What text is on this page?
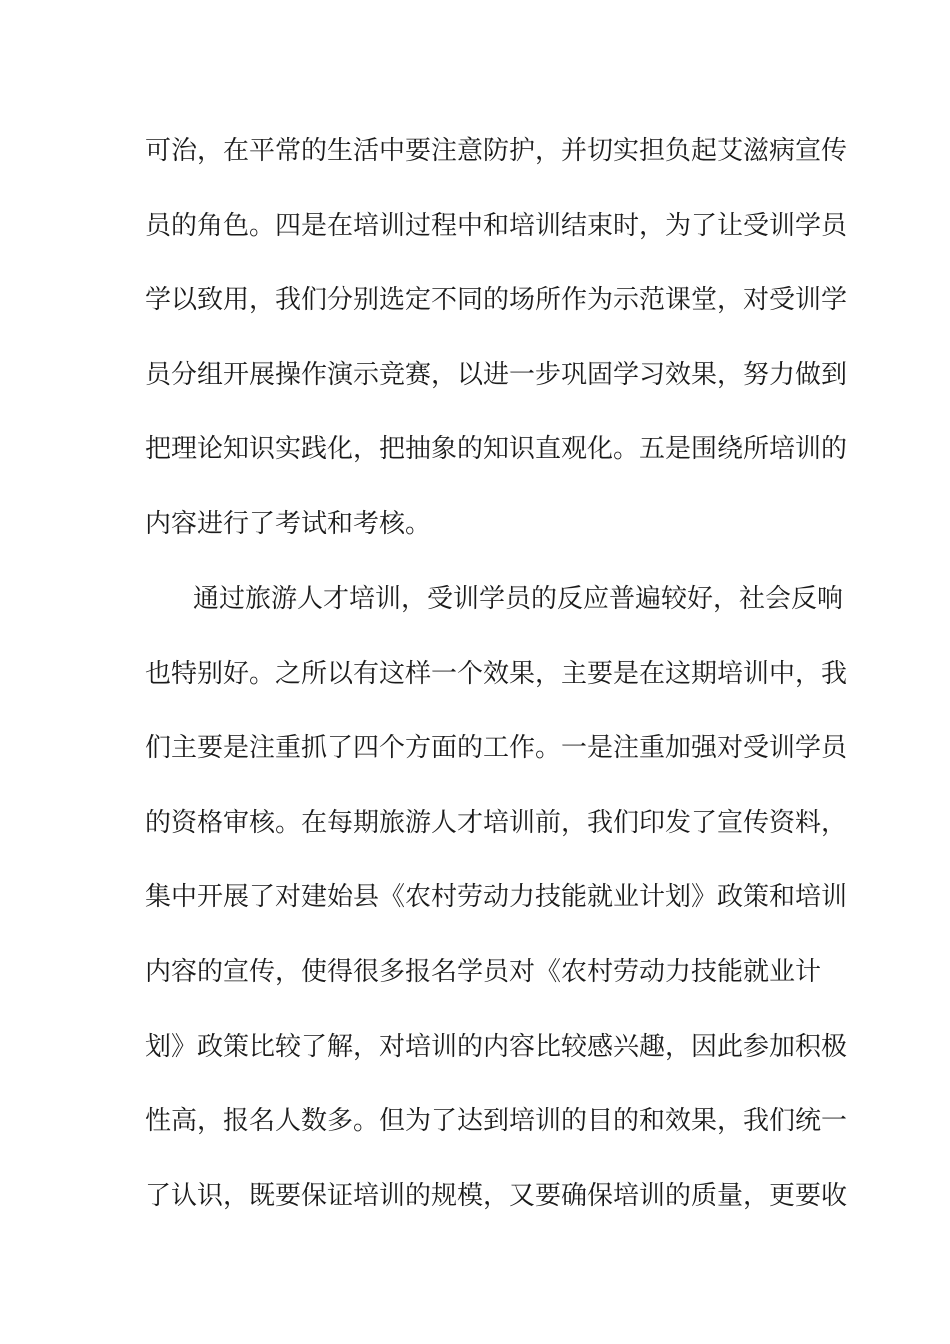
可治，在平常的生活中要注意防护，并切实担负起艾滋病宣传
员的角色。四是在培训过程中和培训结束时，为了让受训学员
学以致用，我们分别选定不同的场所作为示范课堂，对受训学
员分组开展操作演示竞赛，以进一步巩固学习效果，努力做到
把理论知识实践化，把抽象的知识直观化。五是围绕所培训的
内容进行了考试和考核。
通过旅游人才培训，受训学员的反应普遍较好，社会反响
也特别好。之所以有这样一个效果，主要是在这期培训中，我
们主要是注重抓了四个方面的工作。一是注重加强对受训学员
的资格审核。在每期旅游人才培训前，我们印发了宣传资料，
集中开展了对建始县《农村劳动力技能就业计划》政策和培训
内容的宣传，使得很多报名学员对《农村劳动力技能就业计
划》政策比较了解，对培训的内容比较感兴趣，因此参加积极
性高，报名人数多。但为了达到培训的目的和效果，我们统一
了认识，既要保证培训的规模，又要确保培训的质量，更要收
